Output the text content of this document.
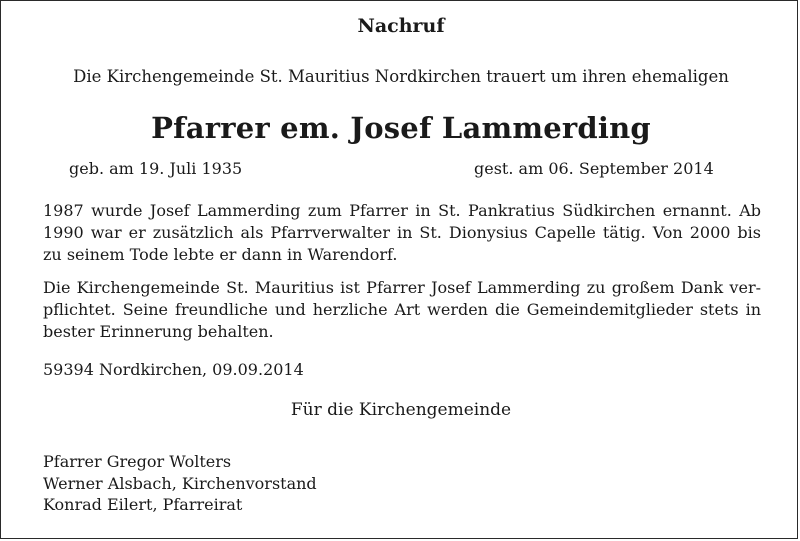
Nachruf
Die Kirchengemeinde St. Mauritius Nordkirchen trauert um ihren ehemaligen
Pfarrer em. Josef Lammerding
geb. am 19. Juli 1935	gest. am 06. September 2014

1987 wurde Josef Lammerding zum Pfarrer in St. Pankratius Südkirchen ernannt. Ab
1990 war er zusätzlich als Pfarrverwalter in St. Dionysius Capelle tätig. Von 2000 bis
zu seinem Tode lebte er dann in Warendorf.

Die Kirchengemeinde St. Mauritius ist Pfarrer Josef Lammerding zu großem Dank ver-
pflichtet. Seine freundliche und herzliche Art werden die Gemeindemitglieder stets in
bester Erinnerung behalten.

59394 Nordkirchen, 09.09.2014
Für die Kirchengemeinde
Pfarrer Gregor Wolters
Werner Alsbach, Kirchenvorstand
Konrad Eilert, Pfarreirat
